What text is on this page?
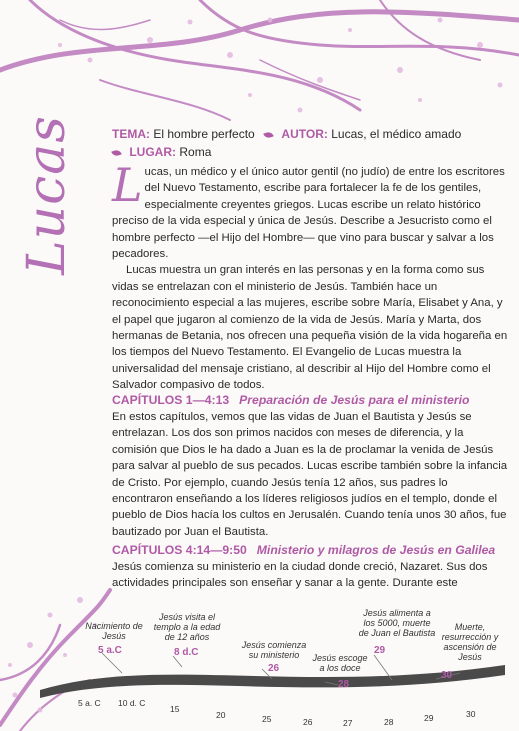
Lucas	TEMA: El hombre perfecto AUTOR: Lucas, el médico amado
LUGAR: Roma

Lucas, un médico y el único autor gentil (no judío) de entre los escritores del Nuevo Testamento, escribe para fortalecer la fe de los gentiles, especialmente creyentes griegos. Lucas escribe un relato histórico preciso de la vida especial y única de Jesús. Describe a Jesucristo como el hombre perfecto —el Hijo del Hombre— que vino para buscar y salvar a los pecadores.

Lucas muestra un gran interés en las personas y en la forma como sus vidas se entrelazan con el ministerio de Jesús. También hace un reconocimiento especial a las mujeres, escribe sobre María, Elisabet y Ana, y el papel que jugaron al comienzo de la vida de Jesús. María y Marta, dos hermanas de Betania, nos ofrecen una pequeña visión de la vida hogareña en los tiempos del Nuevo Testamento. El Evangelio de Lucas muestra la universalidad del mensaje cristiano, al describir al Hijo del Hombre como el Salvador compasivo de todos.

CAPÍTULOS 1—4:13 Preparación de Jesús para el ministerio

En estos capítulos, vemos que las vidas de Juan el Bautista y Jesús se entrelazan. Los dos son primos nacidos con meses de diferencia, y la comisión que Dios le ha dado a Juan es la de proclamar la venida de Jesús para salvar al pueblo de sus pecados. Lucas escribe también sobre la infancia de Cristo. Por ejemplo, cuando Jesús tenía 12 años, sus padres lo encontraron enseñando a los líderes religiosos judíos en el templo, donde el pueblo de Dios hacía los cultos en Jerusalén. Cuando tenía unos 30 años, fue bautizado por Juan el Bautista.

CAPÍTULOS 4:14—9:50 Ministerio y milagros de Jesús en Galilea

Jesús comienza su ministerio en la ciudad donde creció, Nazaret. Sus dos actividades principales son enseñar y sanar a la gente. Durante este

Nacimiento de Jesús
5 a.C
Jesús visita el templo a la edad de 12 años
8 d.C
Jesús comienza su ministerio
26
Jesús escoge a los doce
28
Jesús alimenta a los 5000, muerte de Juan el Bautista
29
Muerte, resurrección y ascensión de Jesús
30
5 a. C 10 d. C
15
20	25	26	27	28	29	30
